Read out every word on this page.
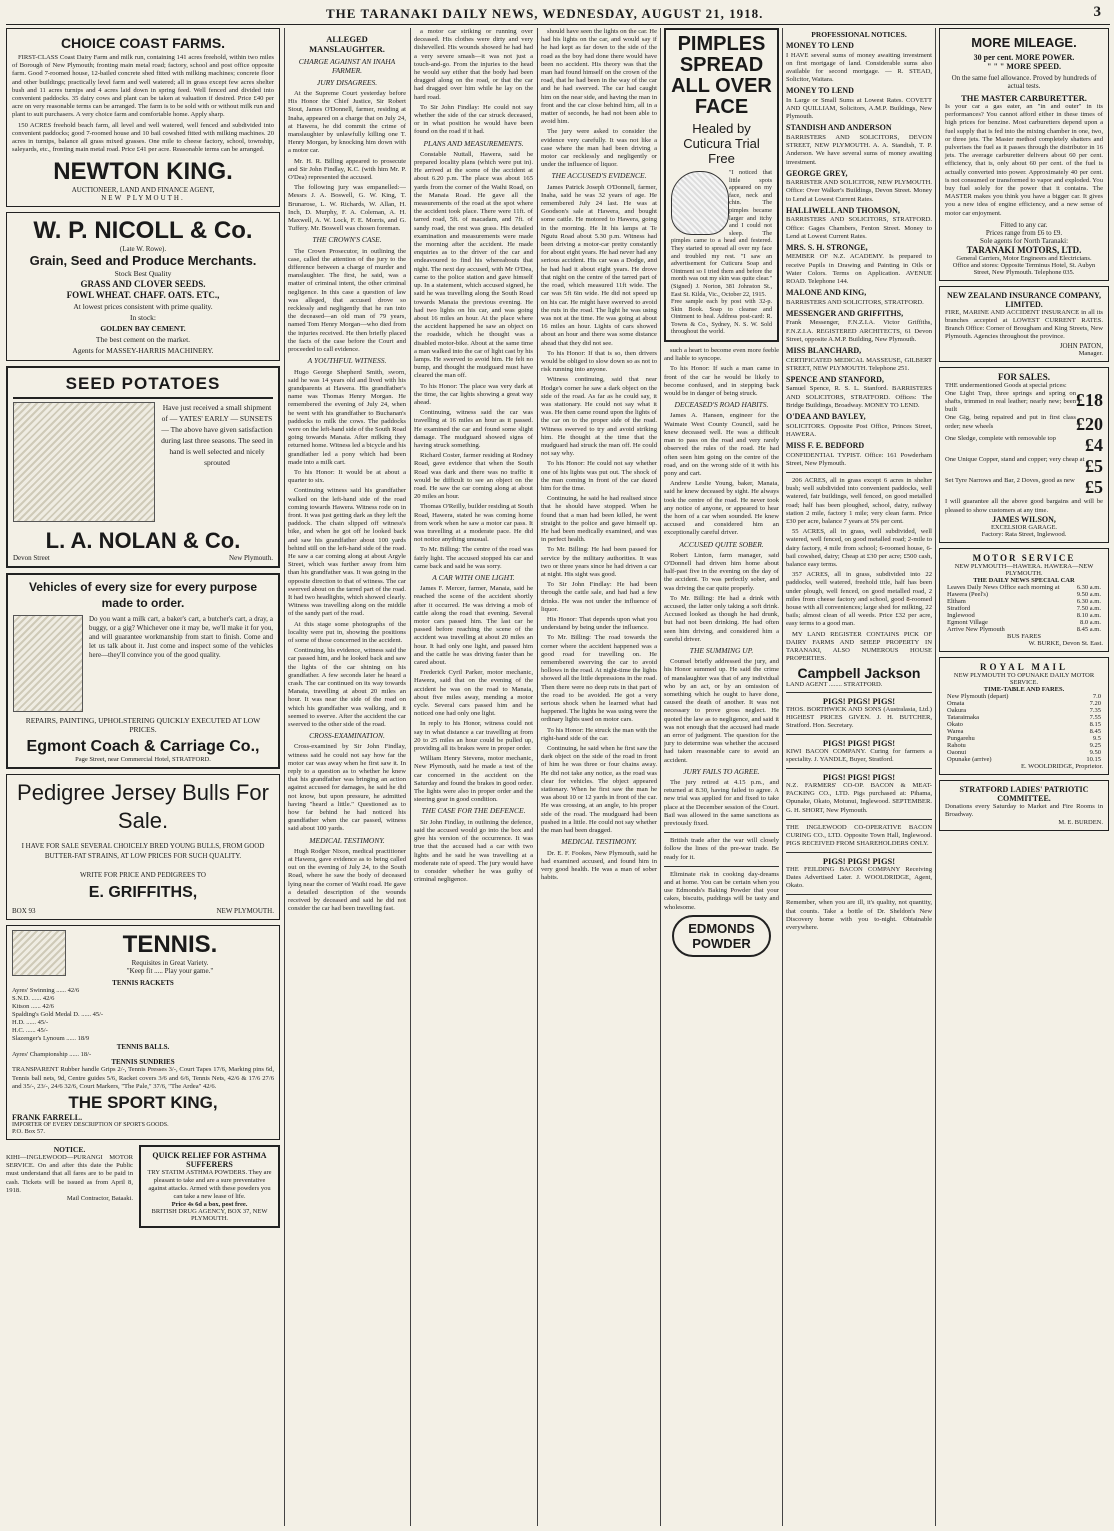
THE TARANAKI DAILY NEWS, WEDNESDAY, AUGUST 21, 1918.	3
CHOICE COAST FARMS.

FIRST-CLASS Coast Dairy Farm and milk run, containing 141 acres freehold, within two miles of Borough of New Plymouth; fronting main metal road; factory, school and post office opposite farm. Good 7-roomed house, 12-bailed concrete shed fitted with milking machines; concrete floor and other buildings; practically level farm and well watered; all in grass except few acres shelter bush and 11 acres turnips and 4 acres laid down in spring feed. Well fenced and divided into convenient paddocks. 35 dairy cows and plant can be taken at valuation if desired. Price £40 per acre on very reasonable terms can be arranged. The farm is to be sold with or without milk run and plant to suit purchasers. A very choice farm and comfortable home. Apply sharp.

150 ACRES freehold beach farm, all level and well watered, well fenced and subdivided into convenient paddocks; good 7-roomed house and 10 bail cowshed fitted with milking machines. 20 acres in turnips, balance all grass mixed grasses. One mile to cheese factory, school, township, saleyards, etc., fronting main metal road. Price £41 per acre. Reasonable terms can be arranged.

NEWTON KING.
AUCTIONEER, LAND AND FINANCE AGENT,
NEW PLYMOUTH.
W. P. NICOLL & Co.
(Late W. Rowe).
Grain, Seed and Produce Merchants.
Stock Best Quality
GRASS AND CLOVER SEEDS.
FOWL WHEAT. CHAFF. OATS. ETC.,
At lowest prices consistent with prime quality.
In stock:
GOLDEN BAY CEMENT.
The best cement on the market.
Agents for MASSEY-HARRIS MACHINERY.
SEED POTATOES
Have just received a small shipment of — YATES' EARLY — SUNSETS — The above have given satisfaction during last three seasons. The seed in hand is well selected and nicely sprouted
L. A. NOLAN & Co.
Devon Street	New Plymouth.
Vehicles of every size for every purpose made to order.
Do you want a milk cart, a baker's cart, a butcher's cart, a dray, a buggy, or a gig? Whichever one it may be, we'll make it for you, and will guarantee workmanship from start to finish. Come and let us talk about it. Just come and inspect some of the vehicles here—they'll convince you of the good quality.
REPAIRS, PAINTING, UPHOLSTERING QUICKLY EXECUTED AT LOW PRICES.
Egmont Coach & Carriage Co.,
Page Street, near Commercial Hotel, STRATFORD.
Pedigree Jersey Bulls For Sale.
I HAVE FOR SALE SEVERAL CHOICELY BRED YOUNG BULLS, FROM GOOD BUTTER-FAT STRAINS, AT LOW PRICES FOR SUCH QUALITY.
WRITE FOR PRICE AND PEDIGREES TO
E. GRIFFITHS,
BOX 93	NEW PLYMOUTH.
TENNIS.
Requisites in Great Variety.
"Keep fit ..... Play your game."
TENNIS RACKETS
Ayres' Swinning ...... 42/6
S.N.D. ...... 42/6
Kitson ...... 42/6
Spalding's Gold Medal D. ...... 45/-
H.D. ...... 45/-
H.C. ...... 45/-
Slazenger's Lynoum ...... 18/9
TENNIS BALLS.
Ayres' Championship ...... 18/-
TENNIS SUNDRIES
TRANSPARENT Rubber handle Grips 2/-, Tennis Presses 3/-, Court Tapes 17/6, Marking pins 6d, Tennis ball nets, 9d, Centre guides 5/6, Racket covers 3/6 and 6/6, Tennis Nets, 42/6 & 17/6 27/6 and 35/-, 23/-, 24/6 32/6, Court Markers, "The Pale," 37/6, "The Ardea" 42/6.
THE SPORT KING,
FRANK FARRELL.
IMPORTER OF EVERY DESCRIPTION OF SPORTS GOODS.
P.O. Box 57.
NOTICE.
KIHI—INGLEWOOD—PURANGI MOTOR SERVICE. On and after this date the Public must understand that all fares are to be paid in cash. Tickets will be issued as from April 8, 1918.
Mail Contractor, Bataaki.
QUICK RELIEF FOR ASTHMA SUFFERERS
TRY STATIM ASTHMA POWDERS. They are pleasant to take and are a sure preventative against attacks. Armed with these powders you can take a new lease of life.
Price 4s 6d a box, post free.
BRITISH DRUG AGENCY, BOX 37, NEW PLYMOUTH.
ALLEGED MANSLAUGHTER.
CHARGE AGAINST AN INAHA FARMER.
JURY DISAGREES.

At the Supreme Court yesterday before His Honor the Chief Justice, Sir Robert Stout, James O'Donnell, farmer, residing at Inaha, appeared on a charge that on July 24, at Hawera, he did commit the crime of manslaughter by unlawfully killing one T. Henry Morgan, by knocking him down with a motor car.

Mr. H. R. Billing appeared to prosecute and Sir John Findlay, K.C. (with him Mr. P. O'Dea) represented the accused.

The following jury was empanelled:—Messrs J. A. Boswell, G. W. King, T. Brunarose, L. W. Richards, W. Allan, H. Inch, D. Murphy, F. A. Coleman, A. H. Maxwell, A. W. Lock, F. E. Morris, and G. Tuffery. Mr. Boswell was chosen foreman.

THE CROWN'S CASE.

The Crown Prosecutor, in outlining the case, called the attention of the jury to the difference between a charge of murder and manslaughter. The first, he said, was a matter of criminal intent, the other criminal negligence. In this case a question of law was alleged, that accused drove so recklessly and negligently that he ran into the deceased—an old man of 79 years, named Tom Henry Morgan—who died from the injuries received. He then briefly placed the facts of the case before the Court and proceeded to call evidence.

A YOUTHFUL WITNESS.

Hugo George Shepherd Smith, sworn, said he was 14 years old and lived with his grandparents at Hawera. His grandfather's name was Thomas Henry Morgan. He remembered the evening of July 24, when he went with his grandfather to Buchanan's paddocks to milk the cows. The paddocks were on the left-hand side of the South Road going towards Manaia. After milking they returned home. Witness led a bicycle and his grandfather led a pony which had been made into a milk cart.

To his Honor: It would be at about a quarter to six.

Continuing witness said his grandfather walked on the left-hand side of the road coming towards Hawera. Witness rode on in front. It was just getting dark as they left the paddock. The chain slipped off witness's bike, and when he got off he looked back and saw his grandfather about 100 yards behind still on the left-hand side of the road. He saw a car coming along at about Argyle Street, which was further away from him than his grandfather was. It was going in the opposite direction to that of witness. The car swerved about on the tarred part of the road. It had two headlights, which showed clearly. Witness was travelling along on the middle of the sandy part of the road.

At this stage some photographs of the locality were put in, showing the positions of some of those concerned in the accident.

Continuing, his evidence, witness said the car passed him, and he looked back and saw the lights of the car shining on his grandfather. A few seconds later he heard a crash. The car continued on its way towards Manaia, travelling at about 20 miles an hour. It was near the side of the road on which his grandfather was walking, and it seemed to swerve. After the accident the car swerved to the other side of the road.

CROSS-EXAMINATION.

Cross-examined by Sir John Findlay, witness said he could not say how far the motor car was away when he first saw it. In reply to a question as to whether he knew that his grandfather was bringing an action against accused for damages, he said he did not know, but upon pressure, he admitted having "heard a little." Questioned as to how far behind he had noticed his grandfather when the car passed, witness said about 100 yards.

MEDICAL TESTIMONY.

Hugh Rodger Nixon, medical practitioner at Hawera, gave evidence as to being called out on the evening of July 24, to the South Road, where he saw the body of deceased lying near the corner of Waihi road. He gave a detailed description of the wounds received by deceased and said he did not consider the car had been travelling fast.

a motor car striking or running over deceased. His clothes were dirty and very dishevelled. His wounds showed he had had a very severe smash—it was not just a touch-and-go. From the injuries to the head he would say either that the body had been dragged along on the road, or that the car had dragged over him while he lay on the hard road.

To Sir John Findlay: He could not say whether the side of the car struck deceased, or in what position he would have been found on the road if it had.

PLANS AND MEASUREMENTS.

Constable Nuttall, Hawera, said he prepared locality plans (which were put in). He arrived at the scene of the accident at about 6.20 p.m. The place was about 165 yards from the corner of the Waihi Road, on the Manaia Road. He gave all the measurements of the road at the spot where the accident took place. There were 11ft. of tarred road, 5ft. of macadam, and 7ft. of sandy road, the rest was grass. His detailed examination and measurements were made the morning after the accident. He made enquiries as to the driver of the car and endeavoured to find his whereabouts that night. The next day accused, with Mr O'Dea, came to the police station and gave himself up. In a statement, which accused signed, he said he was travelling along the South Road towards Manaia the previous evening. He had two lights on his car, and was going about 16 miles an hour. At the place where the accident happened he saw an object on the roadside, which he thought was a disabled motor-bike. About at the same time a man walked into the car of light cast by his lamps. He swerved to avoid him. He felt no bump, and thought the mudguard must have cleared the man off.

To his Honor: The place was very dark at the time, the car lights showing a great way ahead.

Continuing, witness said the car was travelling at 16 miles an hour as it passed. He examined the car and found some slight damage. The mudguard showed signs of having struck something.

Richard Coster, farmer residing at Rodney Road, gave evidence that when the South Road was dark and there was no traffic it would be difficult to see an object on the road. He saw the car coming along at about 20 miles an hour.

Thomas O'Reilly, builder residing at South Road, Hawera, stated he was coming home from work when he saw a motor car pass. It was travelling at a moderate pace. He did not notice anything unusual.

To Mr. Billing: The centre of the road was fairly light. The accused stopped his car and came back and said he was sorry.

A CAR WITH ONE LIGHT.

James F. Mercer, farmer, Manaia, said he reached the scene of the accident shortly after it occurred. He was driving a mob of cattle along the road that evening. Several motor cars passed him. The last car he passed before reaching the scene of the accident was travelling at about 20 miles an hour. It had only one light, and passed him and the cattle he was driving faster than he cared about.

Frederick Cyril Parker, motor mechanic, Hawera, said that on the evening of the accident he was on the road to Manaia, about five miles away, mending a motor cycle. Several cars passed him and he noticed one had only one light.

In reply to his Honor, witness could not say in what distance a car travelling at from 20 to 25 miles an hour could be pulled up, providing all its brakes were in proper order.

William Henry Stevens, motor mechanic, New Plymouth, said he made a test of the car concerned in the accident on the Saturday and found the brakes in good order. The lights were also in proper order and the steering gear in good condition.

THE CASE FOR THE DEFENCE.

Sir John Findlay, in outlining the defence, said the accused would go into the box and give his version of the occurrence. It was true that the accused had a car with two lights and he said he was travelling at a moderate rate of speed. The jury would have to consider whether he was guilty of criminal negligence.

should have seen the lights on the car. He had his lights on the car, and would say if he had kept as far down to the side of the road as the boy had done there would have been no accident. His theory was that the man had found himself on the crown of the road, that he had been in the way of the car and he had swerved. The car had caught him on the near side, and having the man in front and the car close behind him, all in a matter of seconds, he had not been able to avoid him.

The jury were asked to consider the evidence very carefully. It was not like a case where the man had been driving a motor car recklessly and negligently or under the influence of liquor.

THE ACCUSED'S EVIDENCE.

James Patrick Joseph O'Donnell, farmer, Inaha, said he was 32 years of age. He remembered July 24 last. He was at Goodson's sale at Hawera, and bought some cattle. He motored to Hawera, going in the morning. He lit his lamps at Te Ngutu Road about 5.30 p.m. Witness had been driving a motor-car pretty constantly for about eight years. He had never had any serious accident. His car was a Dodge, and he had had it about eight years. He drove that night on the centre of the tarred part of the road, which measured 11ft wide. The car was 5ft 6in wide. He did not speed up on his car. He might have swerved to avoid the ruts in the road. The light he was using was not at the time. He was going at about 16 miles an hour. Lights of cars showed about an hour and there was some distance ahead that they did not see.

To his Honor: If that is so, then drivers would be obliged to slow down so as not to risk running into anyone.

Witness continuing, said that near Hodge's corner he saw a dark object on the side of the road. As far as he could say, it was stationary. He could not say what it was. He then came round upon the lights of the car on to the proper side of the road. Witness swerved to try and avoid striking him. He thought at the time that the mudguard had struck the man off. He could not say why.

To his Honor: He could not say whether one of his lights was put out. The shock of the man coming in front of the car dazed him for the time.

Continuing, he said he had realised since that he should have stopped. When he found that a man had been killed, he went straight to the police and gave himself up. He had been medically examined, and was in perfect health.

To Mr. Billing: He had been passed for service by the military authorities. It was two or three years since he had driven a car at night. His sight was good.

To Sir John Findlay: He had been through the cattle sale, and had had a few drinks. He was not under the influence of liquor.

His Honor: That depends upon what you understand by being under the influence.

To Mr. Billing: The road towards the corner where the accident happened was a good road for travelling on. He remembered swerving the car to avoid hollows in the road. At night-time the lights showed all the little depressions in the road. Then there were no deep ruts in that part of the road to be avoided. He got a very serious shock when he learned what had happened. The lights he was using were the ordinary lights used on motor cars.

To his Honor: He struck the man with the right-hand side of the car.

Continuing, he said when he first saw the dark object on the side of the road in front of him he was three or four chains away. He did not take any notice, as the road was clear for vehicles. The object appeared stationary. When he first saw the man he was about 10 or 12 yards in front of the car. He was crossing, at an angle, to his proper side of the road. The mudguard had been pushed in a little. He could not say whether the man had been dragged.

MEDICAL TESTIMONY.

Dr. E. F. Fookes, New Plymouth, said he had examined accused, and found him in very good health. He was a man of sober habits.

PIMPLES SPREAD ALL OVER FACE
Healed by Cuticura Trial Free
"I noticed that little spots appeared on my face, neck and chin. The pimples became larger and itchy and I could not sleep. The pimples came to a head and festered. They started to spread all over my face and troubled my rest. "I saw an advertisement for Cuticura Soap and Ointment so I tried them and before the month was out my skin was quite clear." (Signed) J. Norton, 381 Johnston St., East St. Kilda, Vic., October 22, 1915.
Free sample each by post with 32-p. Skin Book. Soap to cleanse and Ointment to heal. Address post-card: R. Towns & Co., Sydney, N. S. W. Sold throughout the world.

such a heart to become even more feeble and liable to syncope.

To his Honor: If such a man came in front of the car he would be likely to become confused, and in stepping back would be in danger of being struck.

DECEASED'S ROAD HABITS.

James A. Hansen, engineer for the Waimate West County Council, said he knew deceased well. He was a difficult man to pass on the road and very rarely observed the rules of the road. He had often seen him going on the centre of the road, and on the wrong side of it with his pony and cart.

Andrew Leslie Young, baker, Manaia, said he knew deceased by sight. He always took the centre of the road. He never took any notice of anyone, or appeared to hear the horn of a car when sounded. He knew accused and considered him an exceptionally careful driver.

ACCUSED QUITE SOBER.

Robert Linton, farm manager, said O'Donnell had driven him home about half-past five in the evening on the day of the accident. To was perfectly sober, and was driving the car quite properly.

To Mr. Billing: He had a drink with accused, the latter only taking a soft drink. Accused looked as though he had drunk, but had not been drinking. He had often seen him driving, and considered him a careful driver.

THE SUMMING UP.

Counsel briefly addressed the jury, and his Honor summed up. He said the crime of manslaughter was that of any individual who by an act, or by an omission of something which he ought to have done, caused the death of another. It was not necessary to prove gross neglect. He quoted the law as to negligence, and said it was not enough that the accused had made an error of judgment. The question for the jury to determine was whether the accused had taken reasonable care to avoid an accident.

JURY FAILS TO AGREE.

The jury retired at 4.15 p.m., and returned at 8.30, having failed to agree. A new trial was applied for and fixed to take place at the December session of the Court. Bail was allowed in the same sanctions as previously fixed.

British trade after the war will closely follow the lines of the pre-war trade. Be ready for it.

Eliminate risk in cooking day-dreams and at home. You can be certain when you use Edmonds's Baking Powder that your cakes, biscuits, puddings will be tasty and wholesome.

EDMONDS POWDER
PROFESSIONAL NOTICES.
MONEY TO LEND
I HAVE several sums of money awaiting investment on first mortgage of land. Considerable sums also available for second mortgage. — R. STEAD, Solicitor, Waitara.
MONEY TO LEND
In Large or Small Sums at Lowest Rates. COVETT AND QUILLIAM, Solicitors, A.M.P. Buildings, New Plymouth.
STANDISH AND ANDERSON
BARRISTERS AND SOLICITORS, DEVON STREET, NEW PLYMOUTH. A. A. Standish, T. P. Anderson. We have several sums of money awaiting investment.
GEORGE GREY,
BARRISTER AND SOLICITOR, NEW PLYMOUTH. Office: Over Walker's Buildings, Devon Street. Money to Lend at Lowest Current Rates.
HALLIWELL AND THOMSON,
BARRISTERS AND SOLICITORS, STRATFORD. Office: Gages Chambers, Fenton Street. Money to Lend at Lowest Current Rates.
MRS. S. H. STRONGE,
MEMBER OF N.Z. ACADEMY. Is prepared to receive Pupils in Drawing and Painting in Oils or Water Colors. Terms on Application. AVENUE ROAD. Telephone 144.
MALONE AND KING,
BARRISTERS AND SOLICITORS, STRATFORD.
MESSENGER AND GRIFFITHS,
Frank Messenger, F.N.Z.I.A. Victor Griffiths, F.N.Z.I.A. REGISTERED ARCHITECTS, 61 Devon Street, opposite A.M.P. Building, New Plymouth.
MISS BLANCHARD,
CERTIFICATED MEDICAL MASSEUSE, GILBERT STREET, NEW PLYMOUTH. Telephone 251.
SPENCE AND STANFORD,
Samuel Spence, R. S. L. Stanford. BARRISTERS AND SOLICITORS, STRATFORD. Offices: The Bridge Buildings, Broadway. MONEY TO LEND.
O'DEA AND BAYLEY,
SOLICITORS. Opposite Post Office, Princes Street, HAWERA.
MISS F. E. BEDFORD
CONFIDENTIAL TYPIST. Office: 161 Powderham Street, New Plymouth.

206 ACRES, all in grass except 6 acres in shelter bush; well subdivided into convenient paddocks, well watered, fair buildings, well fenced, on good metalled road; half has been ploughed, school, dairy, railway station 2 mile, factory 1 mile; very clean farm. Price £30 per acre, balance 7 years at 5% per cent.

55 ACRES, all in grass, well subdivided, well watered, well fenced, on good metalled road; 2-mile to dairy factory, 4 mile from school; 6-roomed house, 6-bail cowshed, dairy; Cheap at £30 per acre; £500 cash, balance easy terms.

357 ACRES, all in grass, subdivided into 22 paddocks, well watered, freehold title, half has been under plough, well fenced, on good metalled road, 2 miles from cheese factory and school, good 8-roomed house with all conveniences; large shed for milking, 22 bails; almost clean of all weeds. Price £32 per acre, easy terms to a good man.

MY LAND REGISTER CONTAINS PICK OF DAIRY FARMS AND SHEEP PROPERTY IN TARANAKI, ALSO NUMEROUS HOUSE PROPERTIES.

Campbell Jackson
LAND AGENT ........ STRATFORD.
PIGS! PIGS! PIGS!
THOS. BORTHWICK AND SONS (Australasia, Ltd.) HIGHEST PRICES GIVEN. J. H. BUTCHER, Stratford. Hon. Secretary.
PIGS! PIGS! PIGS!
KIWI BACON COMPANY. Curing for farmers a speciality. J. YANDLE, Buyer, Stratford.
PIGS! PIGS! PIGS!
N.Z. FARMERS' CO-OP. BACON & MEAT-PACKING CO., LTD. Pigs purchased at: Pihama, Opunake, Okato, Motunui, Inglewood. SEPTEMBER. G. H. SHORT, New Plymouth.
THE INGLEWOOD CO-OPERATIVE BACON CURING CO., LTD. Opposite Town Hall, Inglewood. PIGS RECEIVED FROM SHAREHOLDERS ONLY.
PIGS! PIGS! PIGS!
THE FEILDING BACON COMPANY Receiving Dates Advertised Later. J. WOOLDRIDGE, Agent, Okato.
Remember, when you are ill, it's quality, not quantity, that counts. Take a bottle of Dr. Sheldon's New Discovery home with you to-night. Obtainable everywhere.
MORE MILEAGE.
30 per cent. MORE POWER.
" " " MORE SPEED.
On the same fuel allowance. Proved by hundreds of actual tests.
THE MASTER CARBURETTER.
Is your car a gas eater, an "in and outer" in its performances? You cannot afford either in these times of high prices for benzine. Most carburetters depend upon a fuel supply that is fed into the mixing chamber in one, two, or three jets. The Master method completely shatters and pulverises the fuel as it passes through the distributor in 16 jets. The average carburetter delivers about 60 per cent. efficiency, that is, only about 60 per cent. of the fuel is actually converted into power. Approximately 40 per cent. is not consumed or transformed to vapor and exploded. You buy fuel solely for the power that it contains. The MASTER makes you think you have a bigger car. It gives you a new idea of engine efficiency, and a new sense of motor car enjoyment.
Fitted to any car.
Prices range from £6 to £9.
Sole agents for North Taranaki:
TARANAKI MOTORS, LTD.
General Carriers, Motor Engineers and Electricians.
Office and stores: Opposite Terminus Hotel, St. Aubyn Street, New Plymouth. Telephone 035.
NEW ZEALAND INSURANCE COMPANY, LIMITED.
FIRE, MARINE AND ACCIDENT INSURANCE in all its branches accepted at LOWEST CURRENT RATES. Branch Office: Corner of Brougham and King Streets, New Plymouth. Agencies throughout the province.
JOHN PATON,
Manager.
FOR SALES.
THE undermentioned Goods at special prices:
One Light Trap, three springs and spring on shafts, trimmed in real leather; nearly new; been built	£18
One Gig, being repaired and put in first class order; new wheels	£20
One Sledge, complete with removable top	£4
One Unique Copper, stand and copper; very cheap at £5
Set Tyre Narrows and Bar, 2 Doves, good as new £5
I will guarantee all the above good bargains and will be pleased to show customers at any time.
JAMES WILSON,
EXCELSIOR GARAGE.
Factory: Rata Street, Inglewood.
MOTOR SERVICE
NEW PLYMOUTH—HAWERA. HAWERA—NEW PLYMOUTH.
THE DAILY NEWS SPECIAL CAR
Leaves Daily News Office each morning at	6.30 a.m.
Hawera (Peel's)	9.50 a.m.
Eltham	6.30 a.m.
Stratford	7.50 a.m.
Inglewood	8.10 a.m.
Egmont Village	8.0 a.m.
Arrive New Plymouth	8.45 a.m.
BUS FARES
W. BURKE, Devon St. East.
ROYAL MAIL
NEW PLYMOUTH TO OPUNAKE DAILY MOTOR SERVICE.
TIME-TABLE AND FARES.
New Plymouth (depart)	7.0
Omata	7.20
Oakura	7.35
Tataraimaka	7.55
Okato	8.15
Warea	8.45
Pungarehu	9.5
Rahotu	9.25
Oaonui	9.50
Opunake (arrive)	10.15
E. WOOLDRIDGE, Proprietor.
STRATFORD LADIES' PATRIOTIC COMMITTEE.
Donations every Saturday to Market and Fire Rooms in Broadway.
M. E. BURDEN.
